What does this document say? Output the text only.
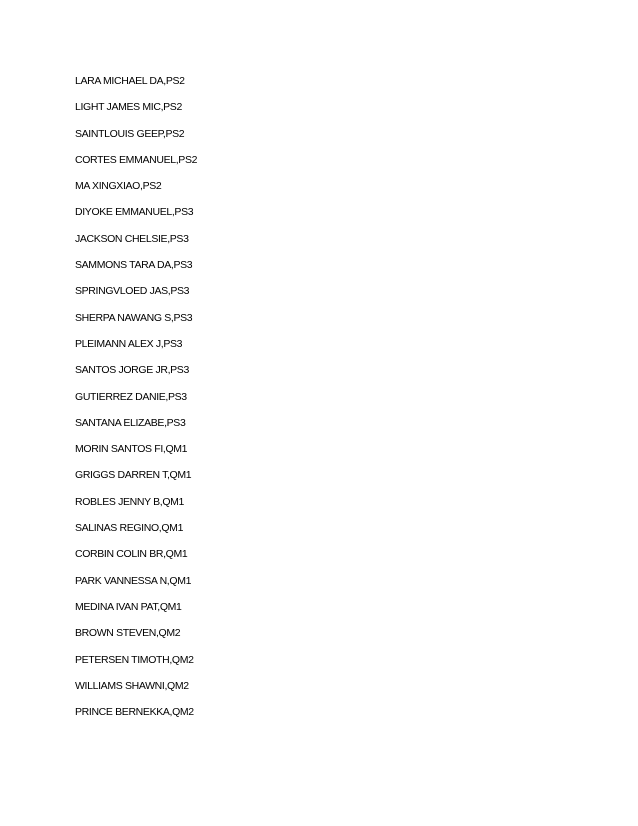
LARA MICHAEL DA,PS2
LIGHT JAMES MIC,PS2
SAINTLOUIS GEEP,PS2
CORTES EMMANUEL,PS2
MA XINGXIAO,PS2
DIYOKE EMMANUEL,PS3
JACKSON CHELSIE,PS3
SAMMONS TARA DA,PS3
SPRINGVLOED JAS,PS3
SHERPA NAWANG S,PS3
PLEIMANN ALEX J,PS3
SANTOS JORGE JR,PS3
GUTIERREZ DANIE,PS3
SANTANA ELIZABE,PS3
MORIN SANTOS FI,QM1
GRIGGS DARREN T,QM1
ROBLES JENNY B,QM1
SALINAS REGINO,QM1
CORBIN COLIN BR,QM1
PARK VANNESSA N,QM1
MEDINA IVAN PAT,QM1
BROWN STEVEN,QM2
PETERSEN TIMOTH,QM2
WILLIAMS SHAWNI,QM2
PRINCE BERNEKKA,QM2
